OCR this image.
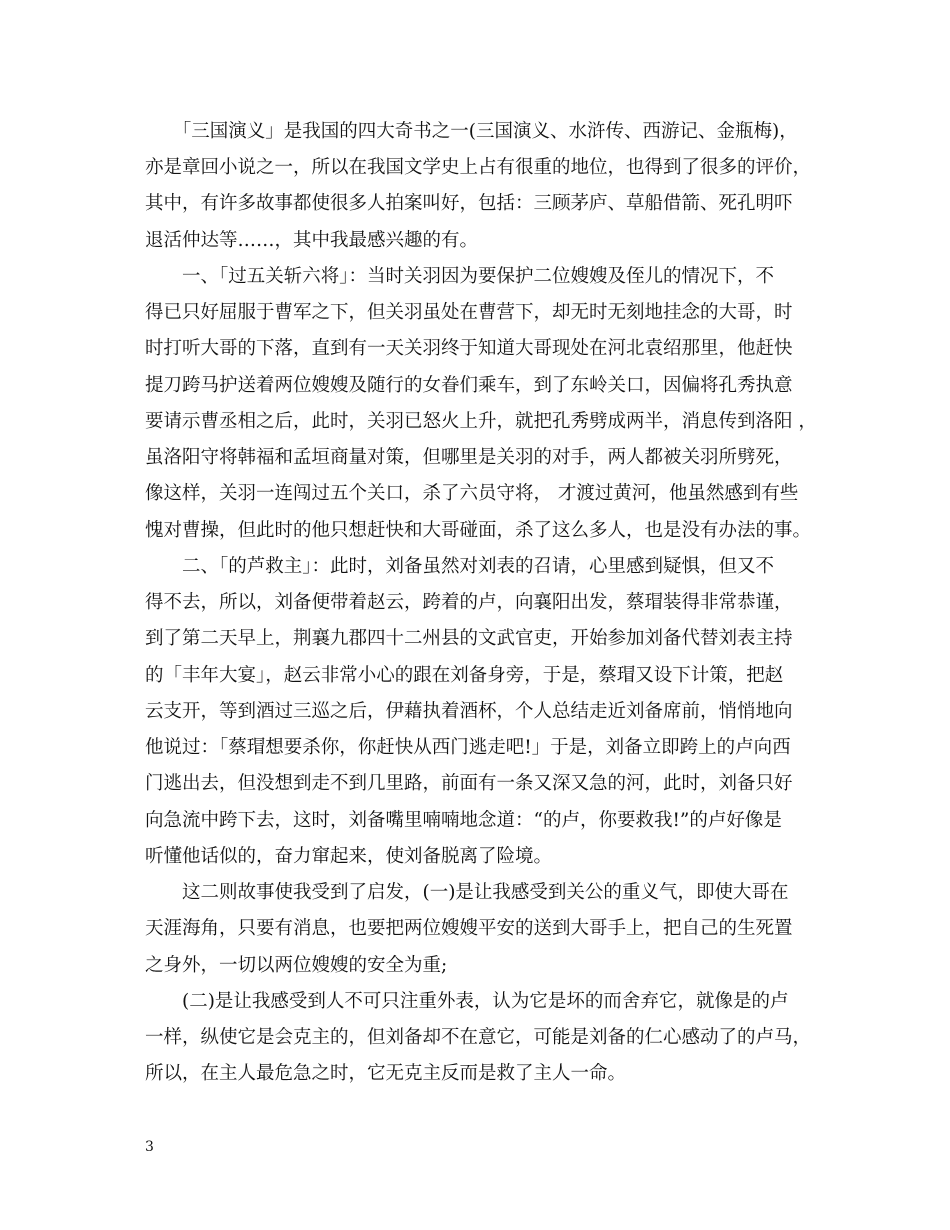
　　「三国演义」是我国的四大奇书之一(三国演义、水浒传、西游记、金瓶梅)，
亦是章回小说之一，所以在我国文学史上占有很重的地位，也得到了很多的评价，
其中，有许多故事都使很多人拍案叫好，包括：三顾茅庐、草船借箭、死孔明吓
退活仲达等……，其中我最感兴趣的有。
　　一、「过五关斩六将」：当时关羽因为要保护二位嫂嫂及侄儿的情况下，不
得已只好屈服于曹军之下，但关羽虽处在曹营下，却无时无刻地挂念的大哥，时
时打听大哥的下落，直到有一天关羽终于知道大哥现处在河北袁绍那里，他赶快
提刀跨马护送着两位嫂嫂及随行的女眷们乘车，到了东岭关口，因偏将孔秀执意
要请示曹丞相之后，此时，关羽已怒火上升，就把孔秀劈成两半，消息传到洛阳 ，
虽洛阳守将韩福和孟垣商量对策，但哪里是关羽的对手，两人都被关羽所劈死，
像这样，关羽一连闯过五个关口，杀了六员守将， 才渡过黄河，他虽然感到有些
愧对曹操，但此时的他只想赶快和大哥碰面，杀了这么多人，也是没有办法的事。
　　二、「的芦救主」：此时，刘备虽然对刘表的召请，心里感到疑惧，但又不
得不去，所以，刘备便带着赵云，跨着的卢，向襄阳出发，蔡瑁装得非常恭谨，
到了第二天早上，荆襄九郡四十二州县的文武官吏，开始参加刘备代替刘表主持
的「丰年大宴」，赵云非常小心的跟在刘备身旁，于是，蔡瑁又设下计策，把赵
云支开，等到酒过三巡之后，伊藉执着酒杯，个人总结走近刘备席前，悄悄地向
他说过：「蔡瑁想要杀你，你赶快从西门逃走吧!」于是，刘备立即跨上的卢向西
门逃出去，但没想到走不到几里路，前面有一条又深又急的河，此时，刘备只好
向急流中跨下去，这时，刘备嘴里喃喃地念道：“的卢，你要救我!”的卢好像是
听懂他话似的，奋力窜起来，使刘备脱离了险境。
　　这二则故事使我受到了启发，(一)是让我感受到关公的重义气，即使大哥在
天涯海角，只要有消息，也要把两位嫂嫂平安的送到大哥手上，把自己的生死置
之身外，一切以两位嫂嫂的安全为重;
　　(二)是让我感受到人不可只注重外表，认为它是坏的而舍弃它，就像是的卢
一样，纵使它是会克主的，但刘备却不在意它，可能是刘备的仁心感动了的卢马，
所以，在主人最危急之时，它无克主反而是救了主人一命。
3
